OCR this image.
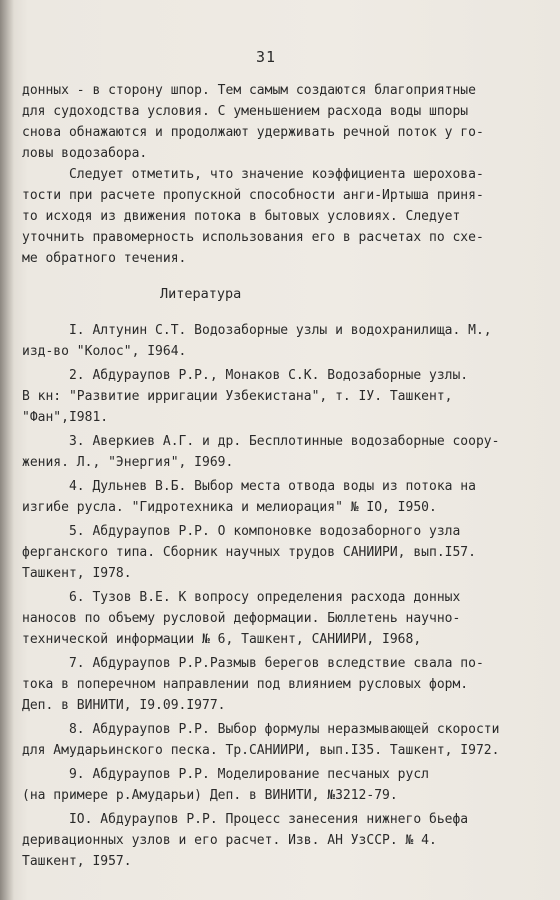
31
донных - в сторону шпор. Тем самым создаются благоприятные
для судоходства условия. С уменьшением расхода воды шпоры
снова обнажаются и продолжают удерживать речной поток у го-
ловы водозабора.
Следует отметить, что значение коэффициента шероховa-
тости при расчете пропускной способности анги-Иртыша приня-
то исходя из движения потока в бытовых условиях. Следует
уточнить правомерность использования его в расчетах по схе-
ме обратного течения.
Литература
I. Алтунин С.Т. Водозаборные узлы и водохранилища. М.,
изд-во "Колос", I964.
2. Абдураупов Р.Р., Монаков С.К. Водозаборные узлы.
В кн: "Развитие ирригации Узбекистана", т. IУ. Ташкент,
"Фан",I981.
3. Аверкиев А.Г. и др. Бесплотинные водозаборные соору-
жения. Л., "Энергия", I969.
4. Дульнев В.Б. Выбор места отвода воды из потока на
изгибе русла. "Гидротехника и мелиорация" № IO, I950.
5. Абдураупов Р.Р. О компоновке водозаборного узла
ферганского типа. Сборник научных трудов САНИИРИ, вып.I57.
Ташкент, I978.
6. Тузов В.Е. К вопросу определения расхода донных
наносов по объему русловой деформации. Бюллетень научно-
технической информации № 6, Ташкент, САНИИРИ, I968,
7. Абдураупов Р.Р.Размыв берегов вследствие свала по-
тока в поперечном направлении под влиянием русловых форм.
Деп. в ВИНИТИ, I9.09.I977.
8. Абдураупов Р.Р. Выбор формулы неразмывающей скорости
для Амударьинского песка. Тр.САНИИРИ, вып.I35. Ташкент, I972.
9. Абдураупов Р.Р. Моделирование песчаных русл
(на примере р.Амударьи) Деп. в ВИНИТИ, №3212-79.
IO. Абдураупов Р.Р. Процесс занесения нижнего бьефа
деривационных узлов и его расчет. Изв. АН УзССР. № 4.
Ташкент, I957.
